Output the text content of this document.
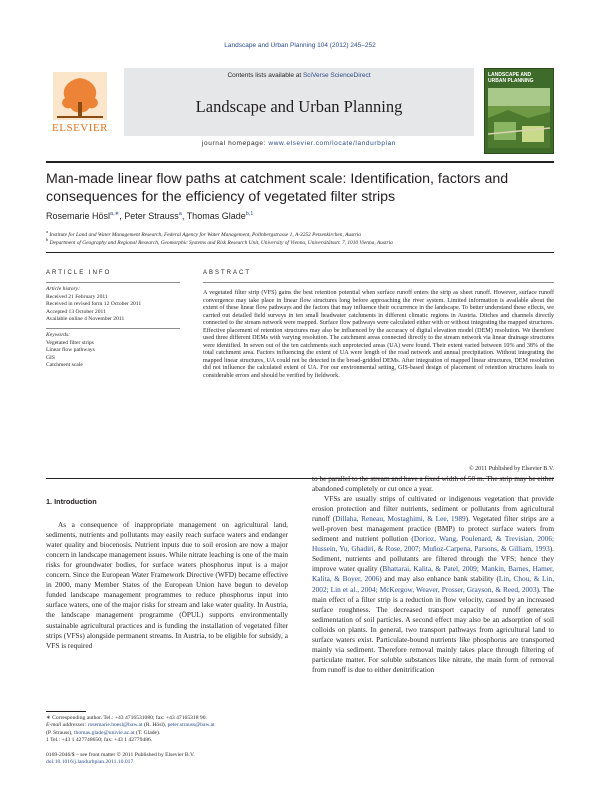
Landscape and Urban Planning 104 (2012) 245–252
ELSEVIER
Contents lists available at SciVerse ScienceDirect
Landscape and Urban Planning
journal homepage: www.elsevier.com/locate/landurbplan
LANDSCAPE AND URBAN PLANNING
Man-made linear flow paths at catchment scale: Identification, factors and
consequences for the efficiency of vegetated filter strips
Rosemarie Hösl$^{a,∗}$, Peter Strauss$^a$, Thomas Glade$^{b,1}$
$^a$ Institute for Land and Water Management Research, Federal Agency for Water Management, Pollnbergstrasse 1, A-3252 Petzenkirchen, Austria
$^b$ Department of Geography and Regional Research, Geomorphic Systems and Risk Research Unit, University of Vienna, Universitätsstr. 7, 1010 Vienna, Austria
ARTICLE INFO	ABSTRACT
Article history:
Received 21 February 2011
Received in revised form 12 October 2011
Accepted 13 October 2011
Available online 4 November 2011
Keywords:
Vegetated filter strips
Linear flow pathways
GIS
Catchment scale
A vegetated filter strip (VFS) gains the best retention potential when surface runoff enters the strip as sheet runoff. However, surface runoff convergence may take place in linear flow structures long before approaching the river system. Limited information is available about the extent of these linear flow pathways and the factors that may influence their occurrence in the landscape. To better understand these effects, we carried out detailed field surveys in ten small headwater catchments in different climatic regions in Austria. Ditches and channels directly connected to the stream network were mapped. Surface flow pathways were calculated either with or without integrating the mapped structures. Effective placement of retention structures may also be influenced by the accuracy of digital elevation model (DEM) resolution. We therefore used three different DEMs with varying resolution. The catchment areas connected directly to the stream network via linear drainage structures were identified. In seven out of the ten catchments such unprotected areas (UA) were found. Their extent varied between 10% and 38% of the total catchment area. Factors influencing the extent of UA were length of the road network and annual precipitation. Without integrating the mapped linear structures, UA could not be detected in the broad-gridded DEMs. After integration of mapped linear structures, DEM resolution did not influence the calculated extent of UA. For our environmental setting, GIS-based design of placement of retention structures leads to considerable errors and should be verified by fieldwork.
© 2011 Published by Elsevier B.V.
1. Introduction
As a consequence of inappropriate management on agricultural land, sediments, nutrients and pollutants may easily reach surface waters and endanger water quality and biocenosis. Nutrient inputs due to soil erosion are now a major concern in landscape management issues. While nitrate leaching is one of the main risks for groundwater bodies, for surface waters phosphorus input is a major concern. Since the European Water Framework Directive (WFD) became effective in 2000, many Member States of the European Union have begun to develop funded landscape management programmes to reduce phosphorus input into surface waters, one of the major risks for stream and lake water quality. In Austria, the landscape management programme (ÖPUL) supports environmentally sustainable agricultural practices and is funding the installation of vegetated filter strips (VFSs) alongside permanent streams. In Austria, to be eligible for subsidy, a VFS is required
to be parallel to the stream and have a fixed width of 50 m. The strip may be either abandoned completely or cut once a year.
VFSs are usually strips of cultivated or indigenous vegetation that provide erosion protection and filter nutrients, sediment or pollutants from agricultural runoff (Dillaha, Reneau, Mostaghimi, & Lee, 1989). Vegetated filter strips are a well-proven best management practice (BMP) to protect surface waters from sediment and nutrient pollution (Dorioz, Wang, Poulenard, & Trevisian, 2006; Hussein, Yu, Ghadiri, & Rose, 2007; Muñoz-Carpena, Parsons, & Gilliam, 1993). Sediment, nutrients and pollutants are filtered through the VFS; hence they improve water quality (Bhattarai, Kalita, & Patel, 2009; Mankin, Barnes, Hamer, Kalita, & Boyer, 2006) and may also enhance bank stability (Lin, Chou, & Lin, 2002; Lin et al., 2004; McKergow, Weaver, Prosser, Grayson, & Reed, 2003). The main effect of a filter strip is a reduction in flow velocity, caused by an increased surface roughness. The decreased transport capacity of runoff generates sedimentation of soil particles. A second effect may also be an adsorption of soil colloids on plants. In general, two transport pathways from agricultural land to surface waters exist. Particulate-bound nutrients like phosphorus are transported mainly via sediment. Therefore removal mainly takes place through filtering of particulate matter. For soluble substances like nitrate, the main form of removal from runoff is due to either denitrification
∗ Corresponding author. Tel.: +43 4716531080; fax: +43 47165318 90.
E-mail addresses: rosemarie.hoesl@baw.at (R. Hösl), peter.strauss@baw.at
(P. Strauss), thomas.glade@univie.ac.at (T. Glade).
1 Tel.: +43 1 427748650; fax: +43 1 42779486.
0169-2046/$ – see front matter © 2011 Published by Elsevier B.V.
doi:10.1016/j.landurbplan.2011.10.017
